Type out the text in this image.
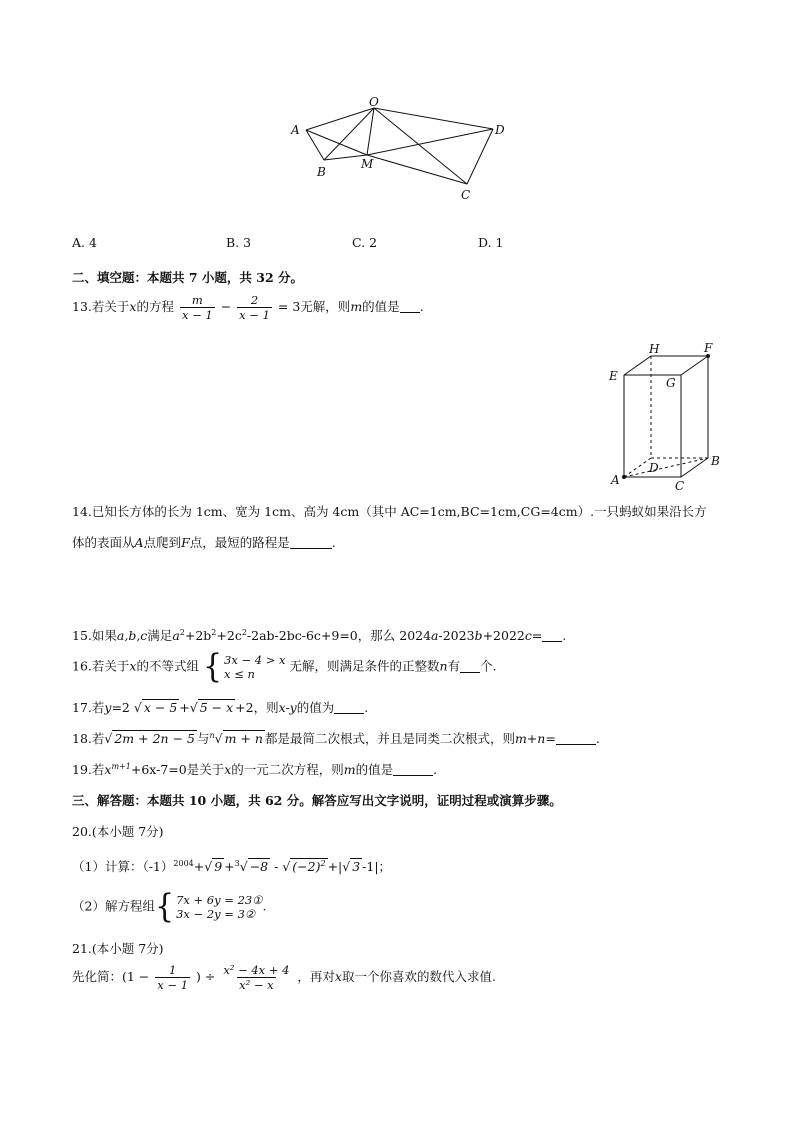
O
A	D
B
M
C
A. 4	B. 3	C. 2	D. 1
二、填空题：本题共 7 小题，共 32 分。
13.若关于x的方程 $\frac{m}{x - 1} - \frac{2}{x - 1} = 3$无解，则m的值是 .
H	F
E	G
A
D	B
C
14.已知长方体的长为 1cm、宽为 1cm、高为 4cm（其中 AC=1cm,BC=1cm,CG=4cm）.一只蚂蚁如果沿长方
体的表面从A点爬到F点，最短的路程是	.
15.如果a,b,c满足$a^2+2b^2+2c^2-2ab-2bc-6c+9=0$，那么 2024a-2023b+2022c= .
16.若关于x的不等式组 { 3x − 4 > x
x ≤ n
无解，则满足条件的正整数n有 个.
17.若y=2 √ x − 5 +√ 5 − x +2，则x-y的值为 .
18.若√ 2m + 2n − 5 与$^n$√ m + n 都是最简二次根式，并且是同类二次根式，则m+n=	.
19.若$x^{m+1}+6x-7=0$是关于x的一元二次方程，则m的值是	.
三、解答题：本题共 10 小题，共 62 分。解答应写出文字说明，证明过程或演算步骤。
20.(本小题 7分)
（1）计算：$(-1)^{2004}+√$ 9 +$^3$√ −8 - √ $(-2)^2$ +|√ 3 -1|；
（2）解方程组{ 7x + 6y = 23①
3x − 2y = 3②
.
21.(本小题 7分)
先化简：($1 - \frac{1}{x - 1}$ ) ÷ $\frac{\text{x² − 4x + 4}}{\text{x² − x}}$ ，再对x取一个你喜欢的数代入求值.
